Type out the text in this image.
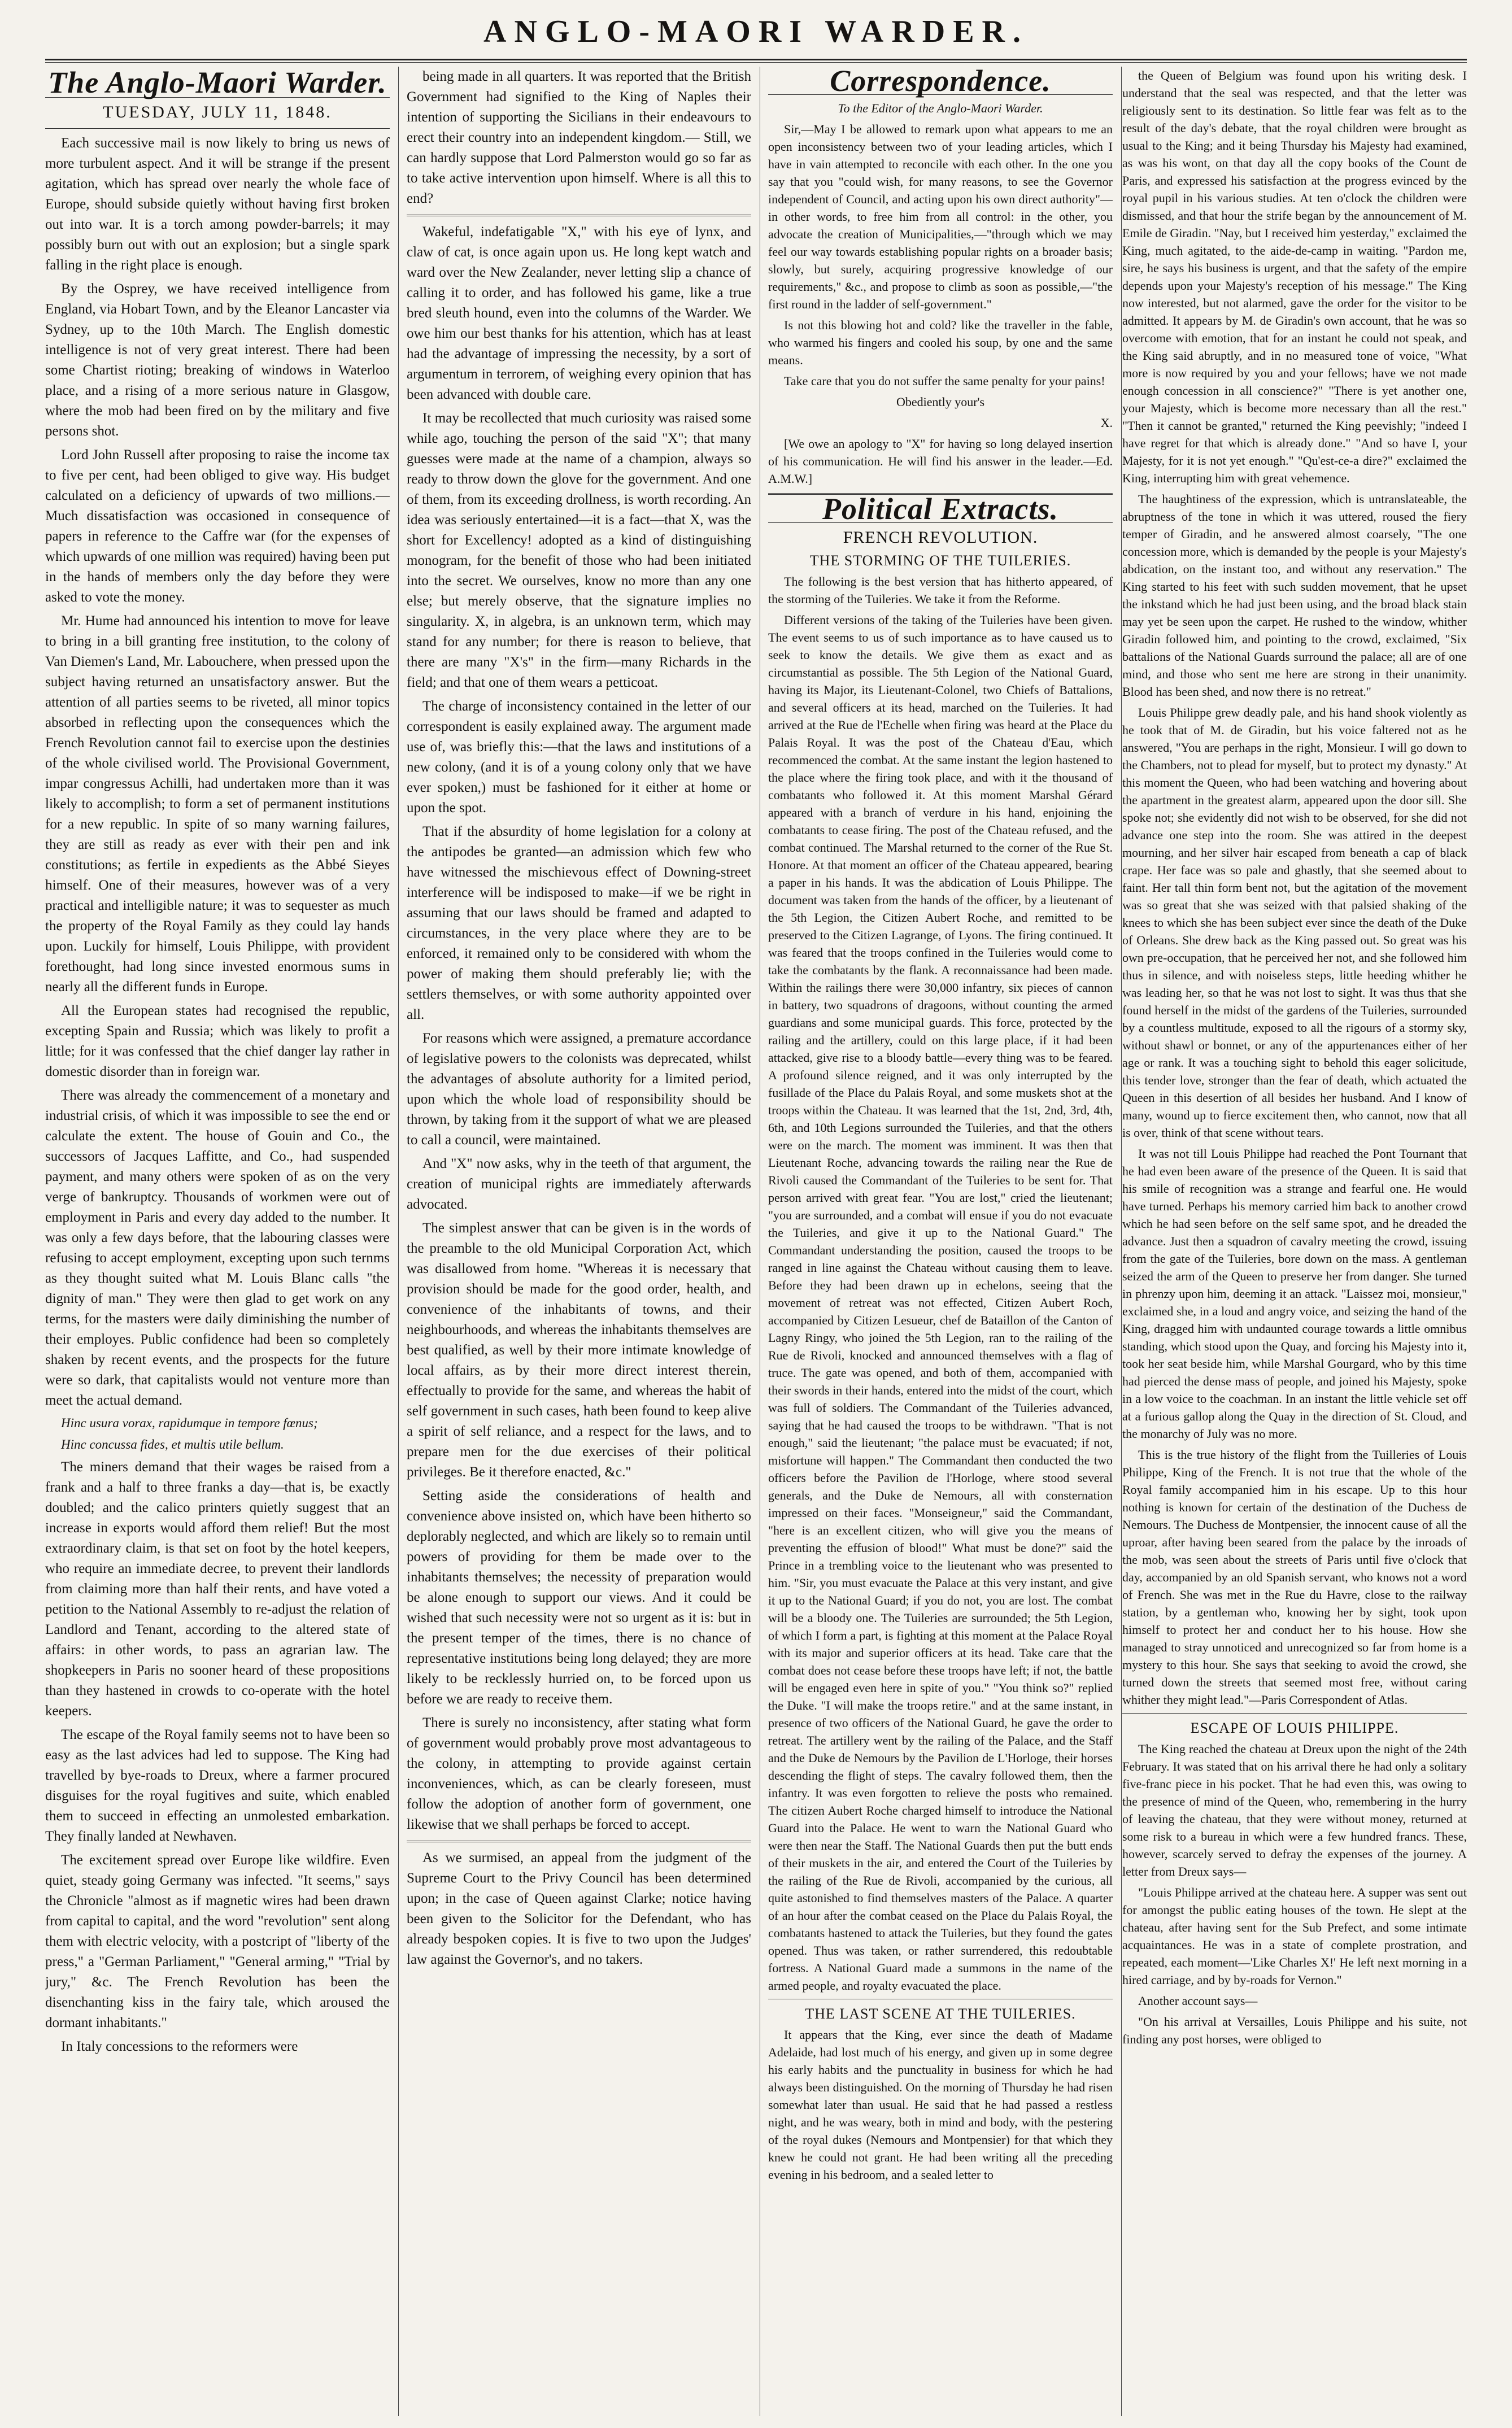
ANGLO-MAORI WARDER.
The Anglo-Maori Warder.
TUESDAY, JULY 11, 1848.

Each successive mail is now likely to bring us news of more turbulent aspect. And it will be strange if the present agitation, which has spread over nearly the whole face of Europe, should subside quietly without having first broken out into war. It is a torch among powder-barrels; it may possibly burn out with out an explosion; but a single spark falling in the right place is enough.

By the Osprey, we have received intelligence from England, via Hobart Town, and by the Eleanor Lancaster via Sydney, up to the 10th March. The English domestic intelligence is not of very great interest. There had been some Chartist rioting; breaking of windows in Waterloo place, and a rising of a more serious nature in Glasgow, where the mob had been fired on by the military and five persons shot.

Lord John Russell after proposing to raise the income tax to five per cent, had been obliged to give way. His budget calculated on a deficiency of upwards of two millions.— Much dissatisfaction was occasioned in consequence of papers in reference to the Caffre war (for the expenses of which upwards of one million was required) having been put in the hands of members only the day before they were asked to vote the money.

Mr. Hume had announced his intention to move for leave to bring in a bill granting free institution, to the colony of Van Diemen's Land, Mr. Labouchere, when pressed upon the subject having returned an unsatisfactory answer. But the attention of all parties seems to be riveted, all minor topics absorbed in reflecting upon the consequences which the French Revolution cannot fail to exercise upon the destinies of the whole civilised world. The Provisional Government, impar congressus Achilli, had undertaken more than it was likely to accomplish; to form a set of permanent institutions for a new republic. In spite of so many warning failures, they are still as ready as ever with their pen and ink constitutions; as fertile in expedients as the Abbé Sieyes himself. One of their measures, however was of a very practical and intelligible nature; it was to sequester as much the property of the Royal Family as they could lay hands upon. Luckily for himself, Louis Philippe, with provident forethought, had long since invested enormous sums in nearly all the different funds in Europe.

All the European states had recognised the republic, excepting Spain and Russia; which was likely to profit a little; for it was confessed that the chief danger lay rather in domestic disorder than in foreign war.

There was already the commencement of a monetary and industrial crisis, of which it was impossible to see the end or calculate the extent. The house of Gouin and Co., the successors of Jacques Laffitte, and Co., had suspended payment, and many others were spoken of as on the very verge of bankruptcy. Thousands of workmen were out of employment in Paris and every day added to the number. It was only a few days before, that the labouring classes were refusing to accept employment, excepting upon such ternms as they thought suited what M. Louis Blanc calls "the dignity of man." They were then glad to get work on any terms, for the masters were daily diminishing the number of their employes. Public confidence had been so completely shaken by recent events, and the prospects for the future were so dark, that capitalists would not venture more than meet the actual demand.

Hinc usura vorax, rapidumque in tempore fœnus;

Hinc concussa fides, et multis utile bellum.

The miners demand that their wages be raised from a frank and a half to three franks a day—that is, be exactly doubled; and the calico printers quietly suggest that an increase in exports would afford them relief! But the most extraordinary claim, is that set on foot by the hotel keepers, who require an immediate decree, to prevent their landlords from claiming more than half their rents, and have voted a petition to the National Assembly to re-adjust the relation of Landlord and Tenant, according to the altered state of affairs: in other words, to pass an agrarian law. The shopkeepers in Paris no sooner heard of these propositions than they hastened in crowds to co-operate with the hotel keepers.

The escape of the Royal family seems not to have been so easy as the last advices had led to suppose. The King had travelled by bye-roads to Dreux, where a farmer procured disguises for the royal fugitives and suite, which enabled them to succeed in effecting an unmolested embarkation. They finally landed at Newhaven.

The excitement spread over Europe like wildfire. Even quiet, steady going Germany was infected. "It seems," says the Chronicle "almost as if magnetic wires had been drawn from capital to capital, and the word "revolution" sent along them with electric velocity, with a postcript of "liberty of the press," a "German Parliament," "General arming," "Trial by jury," &c. The French Revolution has been the disenchanting kiss in the fairy tale, which aroused the dormant inhabitants."

In Italy concessions to the reformers were

being made in all quarters. It was reported that the British Government had signified to the King of Naples their intention of supporting the Sicilians in their endeavours to erect their country into an independent kingdom.— Still, we can hardly suppose that Lord Palmerston would go so far as to take active intervention upon himself. Where is all this to end?

Wakeful, indefatigable "X," with his eye of lynx, and claw of cat, is once again upon us. He long kept watch and ward over the New Zealander, never letting slip a chance of calling it to order, and has followed his game, like a true bred sleuth hound, even into the columns of the Warder. We owe him our best thanks for his attention, which has at least had the advantage of impressing the necessity, by a sort of argumentum in terrorem, of weighing every opinion that has been advanced with double care.

It may be recollected that much curiosity was raised some while ago, touching the person of the said "X"; that many guesses were made at the name of a champion, always so ready to throw down the glove for the government. And one of them, from its exceeding drollness, is worth recording. An idea was seriously entertained—it is a fact—that X, was the short for Excellency! adopted as a kind of distinguishing monogram, for the benefit of those who had been initiated into the secret. We ourselves, know no more than any one else; but merely observe, that the signature implies no singularity. X, in algebra, is an unknown term, which may stand for any number; for there is reason to believe, that there are many "X's" in the firm—many Richards in the field; and that one of them wears a petticoat.

The charge of inconsistency contained in the letter of our correspondent is easily explained away. The argument made use of, was briefly this:—that the laws and institutions of a new colony, (and it is of a young colony only that we have ever spoken,) must be fashioned for it either at home or upon the spot.

That if the absurdity of home legislation for a colony at the antipodes be granted—an admission which few who have witnessed the mischievous effect of Downing-street interference will be indisposed to make—if we be right in assuming that our laws should be framed and adapted to circumstances, in the very place where they are to be enforced, it remained only to be considered with whom the power of making them should preferably lie; with the settlers themselves, or with some authority appointed over all.

For reasons which were assigned, a premature accordance of legislative powers to the colonists was deprecated, whilst the advantages of absolute authority for a limited period, upon which the whole load of responsibility should be thrown, by taking from it the support of what we are pleased to call a council, were maintained.

And "X" now asks, why in the teeth of that argument, the creation of municipal rights are immediately afterwards advocated.

The simplest answer that can be given is in the words of the preamble to the old Municipal Corporation Act, which was disallowed from home. "Whereas it is necessary that provision should be made for the good order, health, and convenience of the inhabitants of towns, and their neighbourhoods, and whereas the inhabitants themselves are best qualified, as well by their more intimate knowledge of local affairs, as by their more direct interest therein, effectually to provide for the same, and whereas the habit of self government in such cases, hath been found to keep alive a spirit of self reliance, and a respect for the laws, and to prepare men for the due exercises of their political privileges. Be it therefore enacted, &c."

Setting aside the considerations of health and convenience above insisted on, which have been hitherto so deplorably neglected, and which are likely so to remain until powers of providing for them be made over to the inhabitants themselves; the necessity of preparation would be alone enough to support our views. And it could be wished that such necessity were not so urgent as it is: but in the present temper of the times, there is no chance of representative institutions being long delayed; they are more likely to be recklessly hurried on, to be forced upon us before we are ready to receive them.

There is surely no inconsistency, after stating what form of government would probably prove most advantageous to the colony, in attempting to provide against certain inconveniences, which, as can be clearly foreseen, must follow the adoption of another form of government, one likewise that we shall perhaps be forced to accept.

As we surmised, an appeal from the judgment of the Supreme Court to the Privy Council has been determined upon; in the case of Queen against Clarke; notice having been given to the Solicitor for the Defendant, who has already bespoken copies. It is five to two upon the Judges' law against the Governor's, and no takers.

Correspondence.

To the Editor of the Anglo-Maori Warder.

Sir,—May I be allowed to remark upon what appears to me an open inconsistency between two of your leading articles, which I have in vain attempted to reconcile with each other. In the one you say that you "could wish, for many reasons, to see the Governor independent of Council, and acting upon his own direct authority"—in other words, to free him from all control: in the other, you advocate the creation of Municipalities,—"through which we may feel our way towards establishing popular rights on a broader basis; slowly, but surely, acquiring progressive knowledge of our requirements," &c., and propose to climb as soon as possible,—"the first round in the ladder of self-government."

Is not this blowing hot and cold? like the traveller in the fable, who warmed his fingers and cooled his soup, by one and the same means.

Take care that you do not suffer the same penalty for your pains!

Obediently your's

X.

[We owe an apology to "X" for having so long delayed insertion of his communication. He will find his answer in the leader.—Ed. A.M.W.]

Political Extracts.
FRENCH REVOLUTION.
THE STORMING OF THE TUILERIES.

The following is the best version that has hitherto appeared, of the storming of the Tuileries. We take it from the Reforme.

Different versions of the taking of the Tuileries have been given. The event seems to us of such importance as to have caused us to seek to know the details. We give them as exact and as circumstantial as possible. The 5th Legion of the National Guard, having its Major, its Lieutenant-Colonel, two Chiefs of Battalions, and several officers at its head, marched on the Tuileries. It had arrived at the Rue de l'Echelle when firing was heard at the Place du Palais Royal. It was the post of the Chateau d'Eau, which recommenced the combat. At the same instant the legion hastened to the place where the firing took place, and with it the thousand of combatants who followed it. At this moment Marshal Gérard appeared with a branch of verdure in his hand, enjoining the combatants to cease firing. The post of the Chateau refused, and the combat continued. The Marshal returned to the corner of the Rue St. Honore. At that moment an officer of the Chateau appeared, bearing a paper in his hands. It was the abdication of Louis Philippe. The document was taken from the hands of the officer, by a lieutenant of the 5th Legion, the Citizen Aubert Roche, and remitted to be preserved to the Citizen Lagrange, of Lyons. The firing continued. It was feared that the troops confined in the Tuileries would come to take the combatants by the flank. A reconnaissance had been made. Within the railings there were 30,000 infantry, six pieces of cannon in battery, two squadrons of dragoons, without counting the armed guardians and some municipal guards. This force, protected by the railing and the artillery, could on this large place, if it had been attacked, give rise to a bloody battle—every thing was to be feared. A profound silence reigned, and it was only interrupted by the fusillade of the Place du Palais Royal, and some muskets shot at the troops within the Chateau. It was learned that the 1st, 2nd, 3rd, 4th, 6th, and 10th Legions surrounded the Tuileries, and that the others were on the march. The moment was imminent. It was then that Lieutenant Roche, advancing towards the railing near the Rue de Rivoli caused the Commandant of the Tuileries to be sent for. That person arrived with great fear. "You are lost," cried the lieutenant; "you are surrounded, and a combat will ensue if you do not evacuate the Tuileries, and give it up to the National Guard." The Commandant understanding the position, caused the troops to be ranged in line against the Chateau without causing them to leave. Before they had been drawn up in echelons, seeing that the movement of retreat was not effected, Citizen Aubert Roch, accompanied by Citizen Lesueur, chef de Bataillon of the Canton of Lagny Ringy, who joined the 5th Legion, ran to the railing of the Rue de Rivoli, knocked and announced themselves with a flag of truce. The gate was opened, and both of them, accompanied with their swords in their hands, entered into the midst of the court, which was full of soldiers. The Commandant of the Tuileries advanced, saying that he had caused the troops to be withdrawn. "That is not enough," said the lieutenant; "the palace must be evacuated; if not, misfortune will happen." The Commandant then conducted the two officers before the Pavilion de l'Horloge, where stood several generals, and the Duke de Nemours, all with consternation impressed on their faces. "Monseigneur," said the Commandant, "here is an excellent citizen, who will give you the means of preventing the effusion of blood!" What must be done?" said the Prince in a trembling voice to the lieutenant who was presented to him. "Sir, you must evacuate the Palace at this very instant, and give it up to the National Guard; if you do not, you are lost. The combat will be a bloody one. The Tuileries are surrounded; the 5th Legion, of which I form a part, is fighting at this moment at the Palace Royal with its major and superior officers at its head. Take care that the combat does not cease before these troops have left; if not, the battle will be engaged even here in spite of you." "You think so?" replied the Duke. "I will make the troops retire." and at the same instant, in presence of two officers of the National Guard, he gave the order to retreat. The artillery went by the railing of the Palace, and the Staff and the Duke de Nemours by the Pavilion de L'Horloge, their horses descending the flight of steps. The cavalry followed them, then the infantry. It was even forgotten to relieve the posts who remained. The citizen Aubert Roche charged himself to introduce the National Guard into the Palace. He went to warn the National Guard who were then near the Staff. The National Guards then put the butt ends of their muskets in the air, and entered the Court of the Tuileries by the railing of the Rue de Rivoli, accompanied by the curious, all quite astonished to find themselves masters of the Palace. A quarter of an hour after the combat ceased on the Place du Palais Royal, the combatants hastened to attack the Tuileries, but they found the gates opened. Thus was taken, or rather surrendered, this redoubtable fortress. A National Guard made a summons in the name of the armed people, and royalty evacuated the place.

THE LAST SCENE AT THE TUILERIES.

It appears that the King, ever since the death of Madame Adelaide, had lost much of his energy, and given up in some degree his early habits and the punctuality in business for which he had always been distinguished. On the morning of Thursday he had risen somewhat later than usual. He said that he had passed a restless night, and he was weary, both in mind and body, with the pestering of the royal dukes (Nemours and Montpensier) for that which they knew he could not grant. He had been writing all the preceding evening in his bedroom, and a sealed letter to

the Queen of Belgium was found upon his writing desk. I understand that the seal was respected, and that the letter was religiously sent to its destination. So little fear was felt as to the result of the day's debate, that the royal children were brought as usual to the King; and it being Thursday his Majesty had examined, as was his wont, on that day all the copy books of the Count de Paris, and expressed his satisfaction at the progress evinced by the royal pupil in his various studies. At ten o'clock the children were dismissed, and that hour the strife began by the announcement of M. Emile de Giradin. "Nay, but I received him yesterday," exclaimed the King, much agitated, to the aide-de-camp in waiting. "Pardon me, sire, he says his business is urgent, and that the safety of the empire depends upon your Majesty's reception of his message." The King now interested, but not alarmed, gave the order for the visitor to be admitted. It appears by M. de Giradin's own account, that he was so overcome with emotion, that for an instant he could not speak, and the King said abruptly, and in no measured tone of voice, "What more is now required by you and your fellows; have we not made enough concession in all conscience?" "There is yet another one, your Majesty, which is become more necessary than all the rest." "Then it cannot be granted," returned the King peevishly; "indeed I have regret for that which is already done." "And so have I, your Majesty, for it is not yet enough." "Qu'est-ce-a dire?" exclaimed the King, interrupting him with great vehemence.

The haughtiness of the expression, which is untranslateable, the abruptness of the tone in which it was uttered, roused the fiery temper of Giradin, and he answered almost coarsely, "The one concession more, which is demanded by the people is your Majesty's abdication, on the instant too, and without any reservation." The King started to his feet with such sudden movement, that he upset the inkstand which he had just been using, and the broad black stain may yet be seen upon the carpet. He rushed to the window, whither Giradin followed him, and pointing to the crowd, exclaimed, "Six battalions of the National Guards surround the palace; all are of one mind, and those who sent me here are strong in their unanimity. Blood has been shed, and now there is no retreat."

Louis Philippe grew deadly pale, and his hand shook violently as he took that of M. de Giradin, but his voice faltered not as he answered, "You are perhaps in the right, Monsieur. I will go down to the Chambers, not to plead for myself, but to protect my dynasty." At this moment the Queen, who had been watching and hovering about the apartment in the greatest alarm, appeared upon the door sill. She spoke not; she evidently did not wish to be observed, for she did not advance one step into the room. She was attired in the deepest mourning, and her silver hair escaped from beneath a cap of black crape. Her face was so pale and ghastly, that she seemed about to faint. Her tall thin form bent not, but the agitation of the movement was so great that she was seized with that palsied shaking of the knees to which she has been subject ever since the death of the Duke of Orleans. She drew back as the King passed out. So great was his own pre-occupation, that he perceived her not, and she followed him thus in silence, and with noiseless steps, little heeding whither he was leading her, so that he was not lost to sight. It was thus that she found herself in the midst of the gardens of the Tuileries, surrounded by a countless multitude, exposed to all the rigours of a stormy sky, without shawl or bonnet, or any of the appurtenances either of her age or rank. It was a touching sight to behold this eager solicitude, this tender love, stronger than the fear of death, which actuated the Queen in this desertion of all besides her husband. And I know of many, wound up to fierce excitement then, who cannot, now that all is over, think of that scene without tears.

It was not till Louis Philippe had reached the Pont Tournant that he had even been aware of the presence of the Queen. It is said that his smile of recognition was a strange and fearful one. He would have turned. Perhaps his memory carried him back to another crowd which he had seen before on the self same spot, and he dreaded the advance. Just then a squadron of cavalry meeting the crowd, issuing from the gate of the Tuileries, bore down on the mass. A gentleman seized the arm of the Queen to preserve her from danger. She turned in phrenzy upon him, deeming it an attack. "Laissez moi, monsieur," exclaimed she, in a loud and angry voice, and seizing the hand of the King, dragged him with undaunted courage towards a little omnibus standing, which stood upon the Quay, and forcing his Majesty into it, took her seat beside him, while Marshal Gourgard, who by this time had pierced the dense mass of people, and joined his Majesty, spoke in a low voice to the coachman. In an instant the little vehicle set off at a furious gallop along the Quay in the direction of St. Cloud, and the monarchy of July was no more.

This is the true history of the flight from the Tuilleries of Louis Philippe, King of the French. It is not true that the whole of the Royal family accompanied him in his escape. Up to this hour nothing is known for certain of the destination of the Duchess de Nemours. The Duchess de Montpensier, the innocent cause of all the uproar, after having been seared from the palace by the inroads of the mob, was seen about the streets of Paris until five o'clock that day, accompanied by an old Spanish servant, who knows not a word of French. She was met in the Rue du Havre, close to the railway station, by a gentleman who, knowing her by sight, took upon himself to protect her and conduct her to his house. How she managed to stray unnoticed and unrecognized so far from home is a mystery to this hour. She says that seeking to avoid the crowd, she turned down the streets that seemed most free, without caring whither they might lead."—Paris Correspondent of Atlas.

ESCAPE OF LOUIS PHILIPPE.

The King reached the chateau at Dreux upon the night of the 24th February. It was stated that on his arrival there he had only a solitary five-franc piece in his pocket. That he had even this, was owing to the presence of mind of the Queen, who, remembering in the hurry of leaving the chateau, that they were without money, returned at some risk to a bureau in which were a few hundred francs. These, however, scarcely served to defray the expenses of the journey. A letter from Dreux says—

"Louis Philippe arrived at the chateau here. A supper was sent out for amongst the public eating houses of the town. He slept at the chateau, after having sent for the Sub Prefect, and some intimate acquaintances. He was in a state of complete prostration, and repeated, each moment—'Like Charles X!' He left next morning in a hired carriage, and by by-roads for Vernon."

Another account says—

"On his arrival at Versailles, Louis Philippe and his suite, not finding any post horses, were obliged to
